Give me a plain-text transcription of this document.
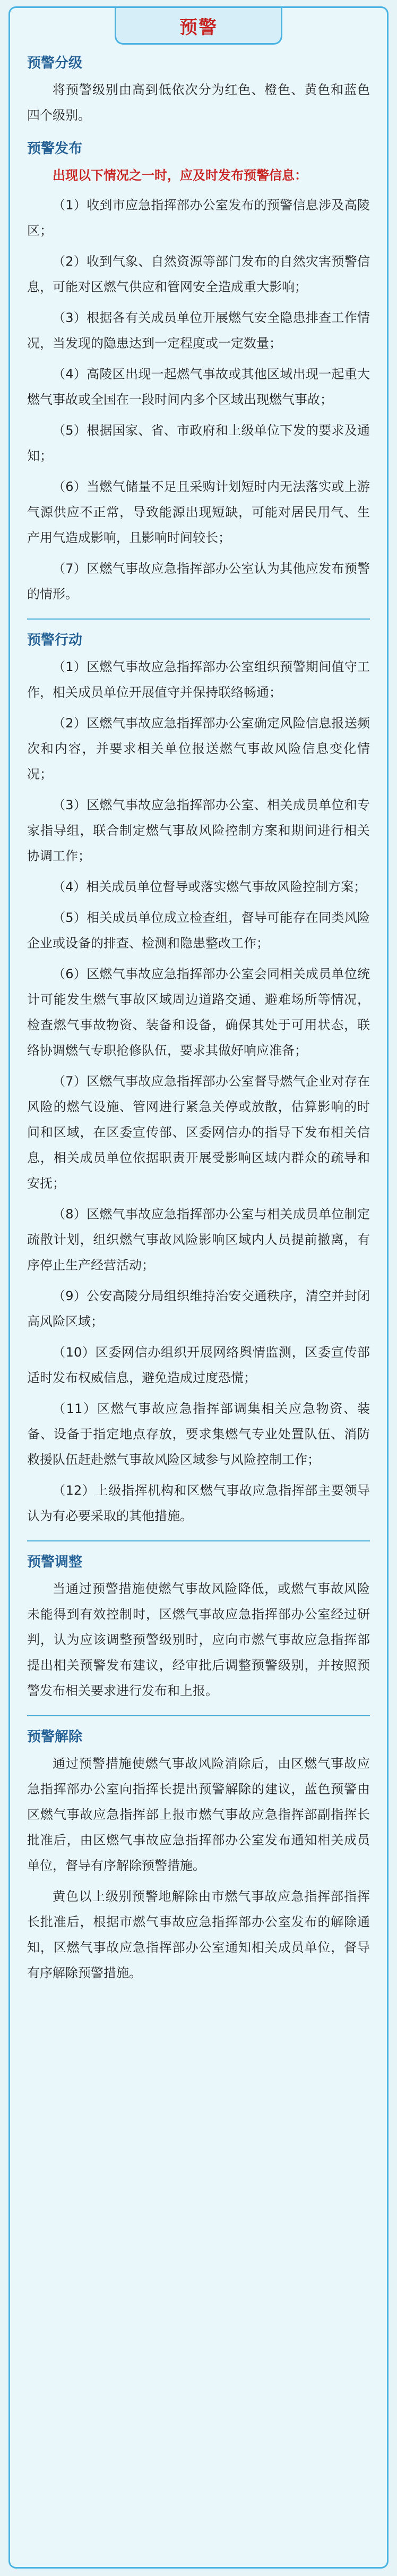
预警
预警分级

将预警级别由高到低依次分为红色、橙色、黄色和蓝色四个级别。

预警发布

出现以下情况之一时，应及时发布预警信息：

（1）收到市应急指挥部办公室发布的预警信息涉及高陵区；

（2）收到气象、自然资源等部门发布的自然灾害预警信息，可能对区燃气供应和管网安全造成重大影响；

（3）根据各有关成员单位开展燃气安全隐患排查工作情况，当发现的隐患达到一定程度或一定数量；

（4）高陵区出现一起燃气事故或其他区域出现一起重大燃气事故或全国在一段时间内多个区域出现燃气事故；

（5）根据国家、省、市政府和上级单位下发的要求及通知；

（6）当燃气储量不足且采购计划短时内无法落实或上游气源供应不正常，导致能源出现短缺，可能对居民用气、生产用气造成影响，且影响时间较长；

（7）区燃气事故应急指挥部办公室认为其他应发布预警的情形。

预警行动

（1）区燃气事故应急指挥部办公室组织预警期间值守工作，相关成员单位开展值守并保持联络畅通；

（2）区燃气事故应急指挥部办公室确定风险信息报送频次和内容，并要求相关单位报送燃气事故风险信息变化情况；

（3）区燃气事故应急指挥部办公室、相关成员单位和专家指导组，联合制定燃气事故风险控制方案和期间进行相关协调工作；

（4）相关成员单位督导或落实燃气事故风险控制方案；

（5）相关成员单位成立检查组，督导可能存在同类风险企业或设备的排查、检测和隐患整改工作；

（6）区燃气事故应急指挥部办公室会同相关成员单位统计可能发生燃气事故区域周边道路交通、避难场所等情况，检查燃气事故物资、装备和设备，确保其处于可用状态，联络协调燃气专职抢修队伍，要求其做好响应准备；

（7）区燃气事故应急指挥部办公室督导燃气企业对存在风险的燃气设施、管网进行紧急关停或放散，估算影响的时间和区域，在区委宣传部、区委网信办的指导下发布相关信息，相关成员单位依据职责开展受影响区域内群众的疏导和安抚；

（8）区燃气事故应急指挥部办公室与相关成员单位制定疏散计划，组织燃气事故风险影响区域内人员提前撤离，有序停止生产经营活动；

（9）公安高陵分局组织维持治安交通秩序，清空并封闭高风险区域；

（10）区委网信办组织开展网络舆情监测，区委宣传部适时发布权威信息，避免造成过度恐慌；

（11）区燃气事故应急指挥部调集相关应急物资、装备、设备于指定地点存放，要求集燃气专业处置队伍、消防救援队伍赶赴燃气事故风险区域参与风险控制工作；

（12）上级指挥机构和区燃气事故应急指挥部主要领导认为有必要采取的其他措施。

预警调整

当通过预警措施使燃气事故风险降低，或燃气事故风险未能得到有效控制时，区燃气事故应急指挥部办公室经过研判，认为应该调整预警级别时，应向市燃气事故应急指挥部提出相关预警发布建议，经审批后调整预警级别，并按照预警发布相关要求进行发布和上报。

预警解除

通过预警措施使燃气事故风险消除后，由区燃气事故应急指挥部办公室向指挥长提出预警解除的建议，蓝色预警由区燃气事故应急指挥部上报市燃气事故应急指挥部副指挥长批准后，由区燃气事故应急指挥部办公室发布通知相关成员单位，督导有序解除预警措施。

黄色以上级别预警地解除由市燃气事故应急指挥部指挥长批准后，根据市燃气事故应急指挥部办公室发布的解除通知，区燃气事故应急指挥部办公室通知相关成员单位，督导有序解除预警措施。
